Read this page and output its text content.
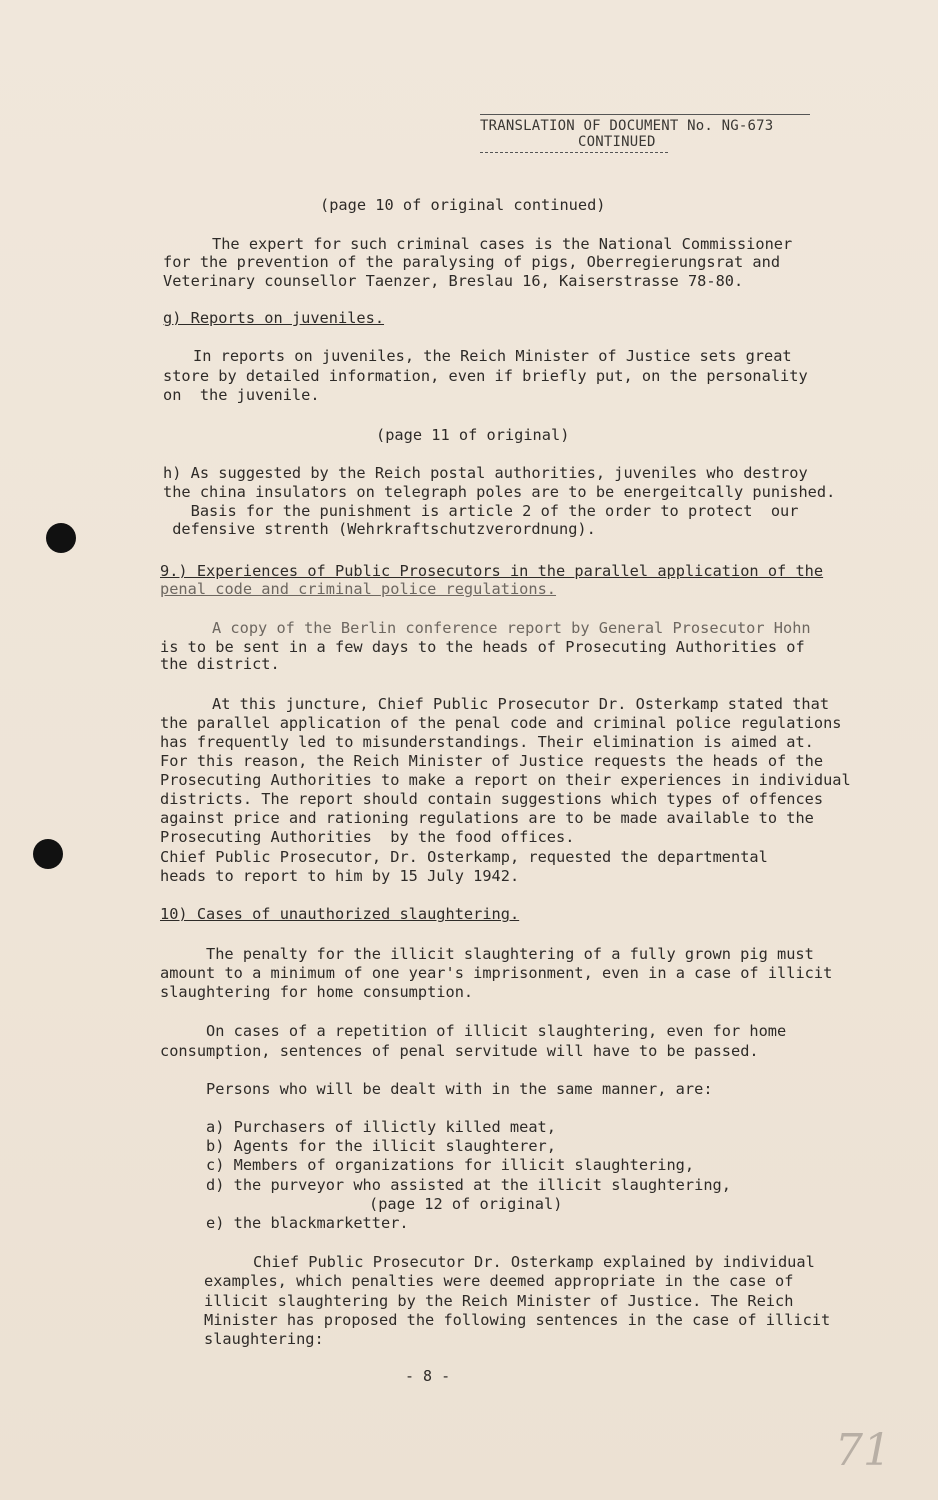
TRANSLATION OF DOCUMENT No. NG-673
CONTINUED
(page 10 of original continued)
The expert for such criminal cases is the National Commissioner
for the prevention of the paralysing of pigs, Oberregierungsrat and
Veterinary counsellor Taenzer, Breslau 16, Kaiserstrasse 78-80.
g) Reports on juveniles.
In reports on juveniles, the Reich Minister of Justice sets great
store by detailed information, even if briefly put, on the personality
on  the juvenile.
(page 11 of original)
h) As suggested by the Reich postal authorities, juveniles who destroy
the china insulators on telegraph poles are to be energeitcally punished.
Basis for the punishment is article 2 of the order to protect  our
defensive strenth (Wehrkraftschutzverordnung).
9.) Experiences of Public Prosecutors in the parallel application of the
penal code and criminal police regulations.
A copy of the Berlin conference report by General Prosecutor Hohn
is to be sent in a few days to the heads of Prosecuting Authorities of
the district.
At this juncture, Chief Public Prosecutor Dr. Osterkamp stated that
the parallel application of the penal code and criminal police regulations
has frequently led to misunderstandings. Their elimination is aimed at.
For this reason, the Reich Minister of Justice requests the heads of the
Prosecuting Authorities to make a report on their experiences in individual
districts. The report should contain suggestions which types of offences
against price and rationing regulations are to be made available to the
Prosecuting Authorities  by the food offices.
Chief Public Prosecutor, Dr. Osterkamp, requested the departmental
heads to report to him by 15 July 1942.
10) Cases of unauthorized slaughtering.
The penalty for the illicit slaughtering of a fully grown pig must
amount to a minimum of one year's imprisonment, even in a case of illicit
slaughtering for home consumption.
On cases of a repetition of illicit slaughtering, even for home
consumption, sentences of penal servitude will have to be passed.
Persons who will be dealt with in the same manner, are:
a) Purchasers of illictly killed meat,
b) Agents for the illicit slaughterer,
c) Members of organizations for illicit slaughtering,
d) the purveyor who assisted at the illicit slaughtering,
(page 12 of original)
e) the blackmarketter.
Chief Public Prosecutor Dr. Osterkamp explained by individual
examples, which penalties were deemed appropriate in the case of
illicit slaughtering by the Reich Minister of Justice. The Reich
Minister has proposed the following sentences in the case of illicit
slaughtering:
- 8 -
71
